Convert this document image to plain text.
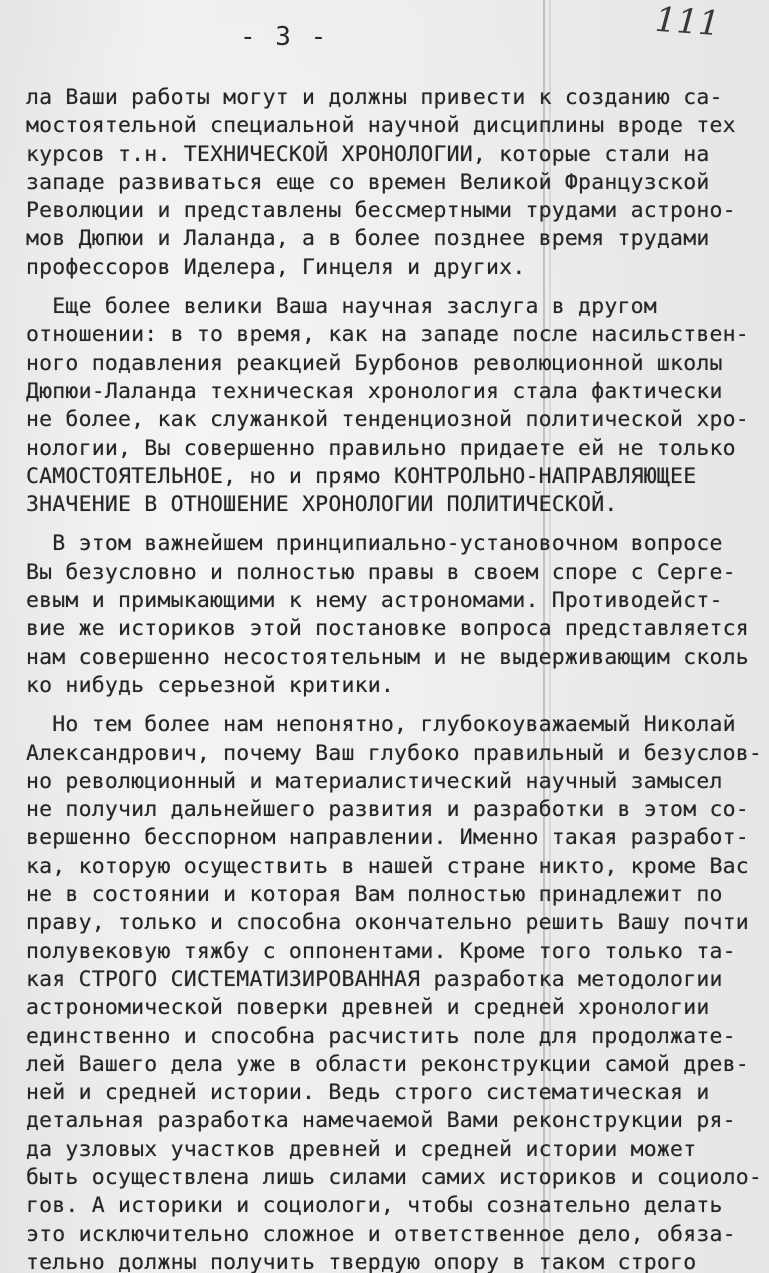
- 3 -	111
ла Ваши работы могут и должны привести к созданию са-
мостоятельной специальной научной дисциплины вроде тех
курсов т.н. ТЕХНИЧЕСКОЙ ХРОНОЛОГИИ, которые стали на
западе развиваться еще со времен Великой Французской
Революции и представлены бессмертными трудами астроно-
мов Дюпюи и Лаланда, а в более позднее время трудами
профессоров Иделера, Гинцеля и других.
Еще более велики Ваша научная заслуга в другом
отношении: в то время, как на западе после насильствен-
ного подавления реакцией Бурбонов революционной школы
Дюпюи-Лаланда техническая хронология стала фактически
не более, как служанкой тенденциозной политической хро-
нологии, Вы совершенно правильно придаете ей не только
САМОСТОЯТЕЛЬНОЕ, но и прямо КОНТРОЛЬНО-НАПРАВЛЯЮЩЕЕ
ЗНАЧЕНИЕ В ОТНОШЕНИЕ ХРОНОЛОГИИ ПОЛИТИЧЕСКОЙ.
В этом важнейшем принципиально-установочном вопросе
Вы безусловно и полностью правы в своем споре с Серге-
евым и примыкающими к нему астрономами. Противодейст-
вие же историков этой постановке вопроса представляется
нам совершенно несостоятельным и не выдерживающим сколь
ко нибудь серьезной критики.
Но тем более нам непонятно, глубокоуважаемый Николай
Александрович, почему Ваш глубоко правильный и безуслов-
но революционный и материалистический научный замысел
не получил дальнейшего развития и разработки в этом со-
вершенно бесспорном направлении. Именно такая разработ-
ка, которую осуществить в нашей стране никто, кроме Вас
не в состоянии и которая Вам полностью принадлежит по
праву, только и способна окончательно решить Вашу почти
полувековую тяжбу с оппонентами. Кроме того только та-
кая СТРОГО СИСТЕМАТИЗИРОВАННАЯ разработка методологии
астрономической поверки древней и средней хронологии
единственно и способна расчистить поле для продолжате-
лей Вашего дела уже в области реконструкции самой древ-
ней и средней истории. Ведь строго систематическая и
детальная разработка намечаемой Вами реконструкции ря-
да узловых участков древней и средней истории может
быть осуществлена лишь силами самих историков и социоло-
гов. А историки и социологи, чтобы сознательно делать
это исключительно сложное и ответственное дело, обяза-
тельно должны получить твердую опору в таком строго
